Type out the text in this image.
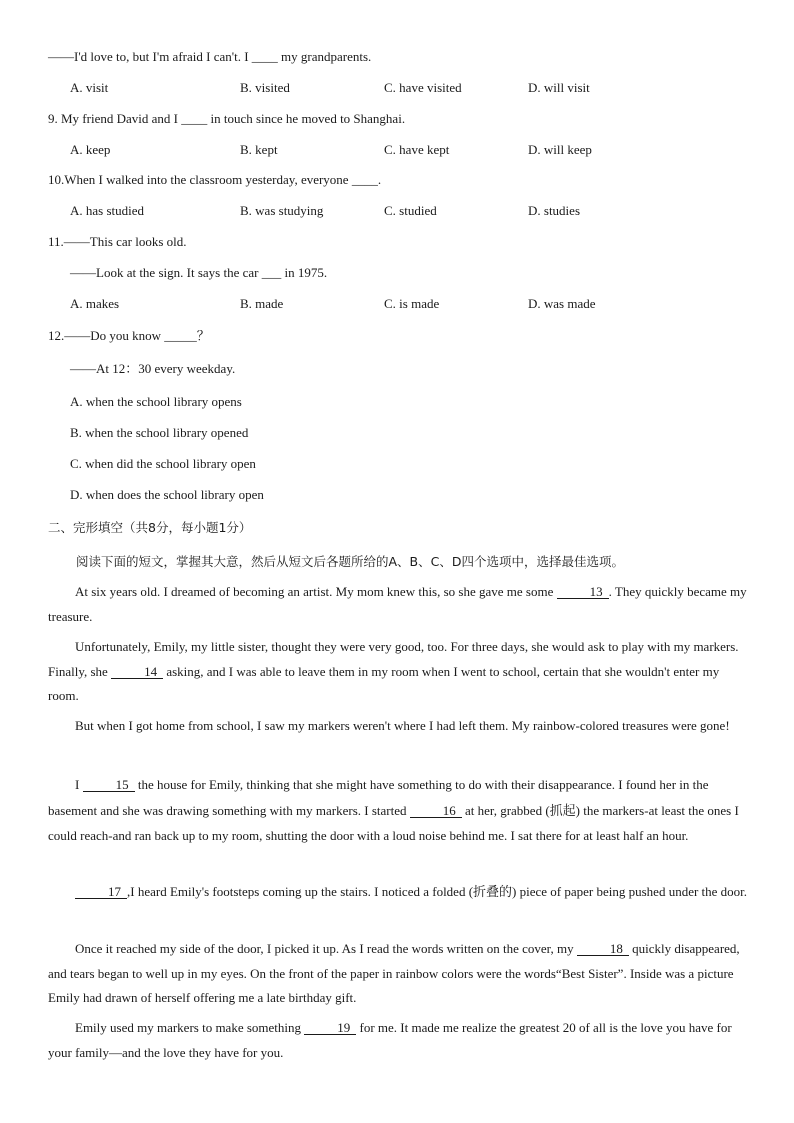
——I'd love to, but I'm afraid I can't. I ____ my grandparents.
A. visit	B. visited	C. have visited	D. will visit
9. My friend David and I ____ in touch since he moved to Shanghai.
A. keep	B. kept	C. have kept	D. will keep
10.When I walked into the classroom yesterday, everyone ____.
A. has studied	B. was studying	C. studied	D. studies
11.——This car looks old.
——Look at the sign. It says the car ___ in 1975.
A. makes	B. made	C. is made	D. was made
12.——Do you know _____？
——At 12：30 every weekday.
A. when the school library opens
B. when the school library opened
C. when did the school library open
D. when does the school library open
二、完形填空（共8分，每小题1分）
阅读下面的短文，掌握其大意，然后从短文后各题所给的A、B、C、D四个选项中，选择最佳选项。
At six years old. I dreamed of becoming an artist. My mom knew this, so she gave me some	13 . They quickly became my treasure.
Unfortunately, Emily, my little sister, thought they were very good, too. For three days, she would ask to play with my markers. Finally, she	14 asking, and I was able to leave them in my room when I went to school, certain that she wouldn't enter my room.
But when I got home from school, I saw my markers weren't where I had left them. My rainbow-colored treasures were gone!
I	15 the house for Emily, thinking that she might have something to do with their disappearance. I found her in the basement and she was drawing something with my markers. I started	16 at her, grabbed (抓起) the markers-at least the ones I could reach-and ran back up to my room, shutting the door with a loud noise behind me. I sat there for at least half an hour.
17 ,I heard Emily's footsteps coming up the stairs. I noticed a folded (折叠的) piece of paper being pushed under the door.
Once it reached my side of the door, I picked it up. As I read the words written on the cover, my	18 quickly disappeared, and tears began to well up in my eyes. On the front of the paper in rainbow colors were the words“Best Sister”. Inside was a picture Emily had drawn of herself offering me a late birthday gift.
Emily used my markers to make something	19 for me. It made me realize the greatest 20 of all is the love you have for your family—and the love they have for you.
